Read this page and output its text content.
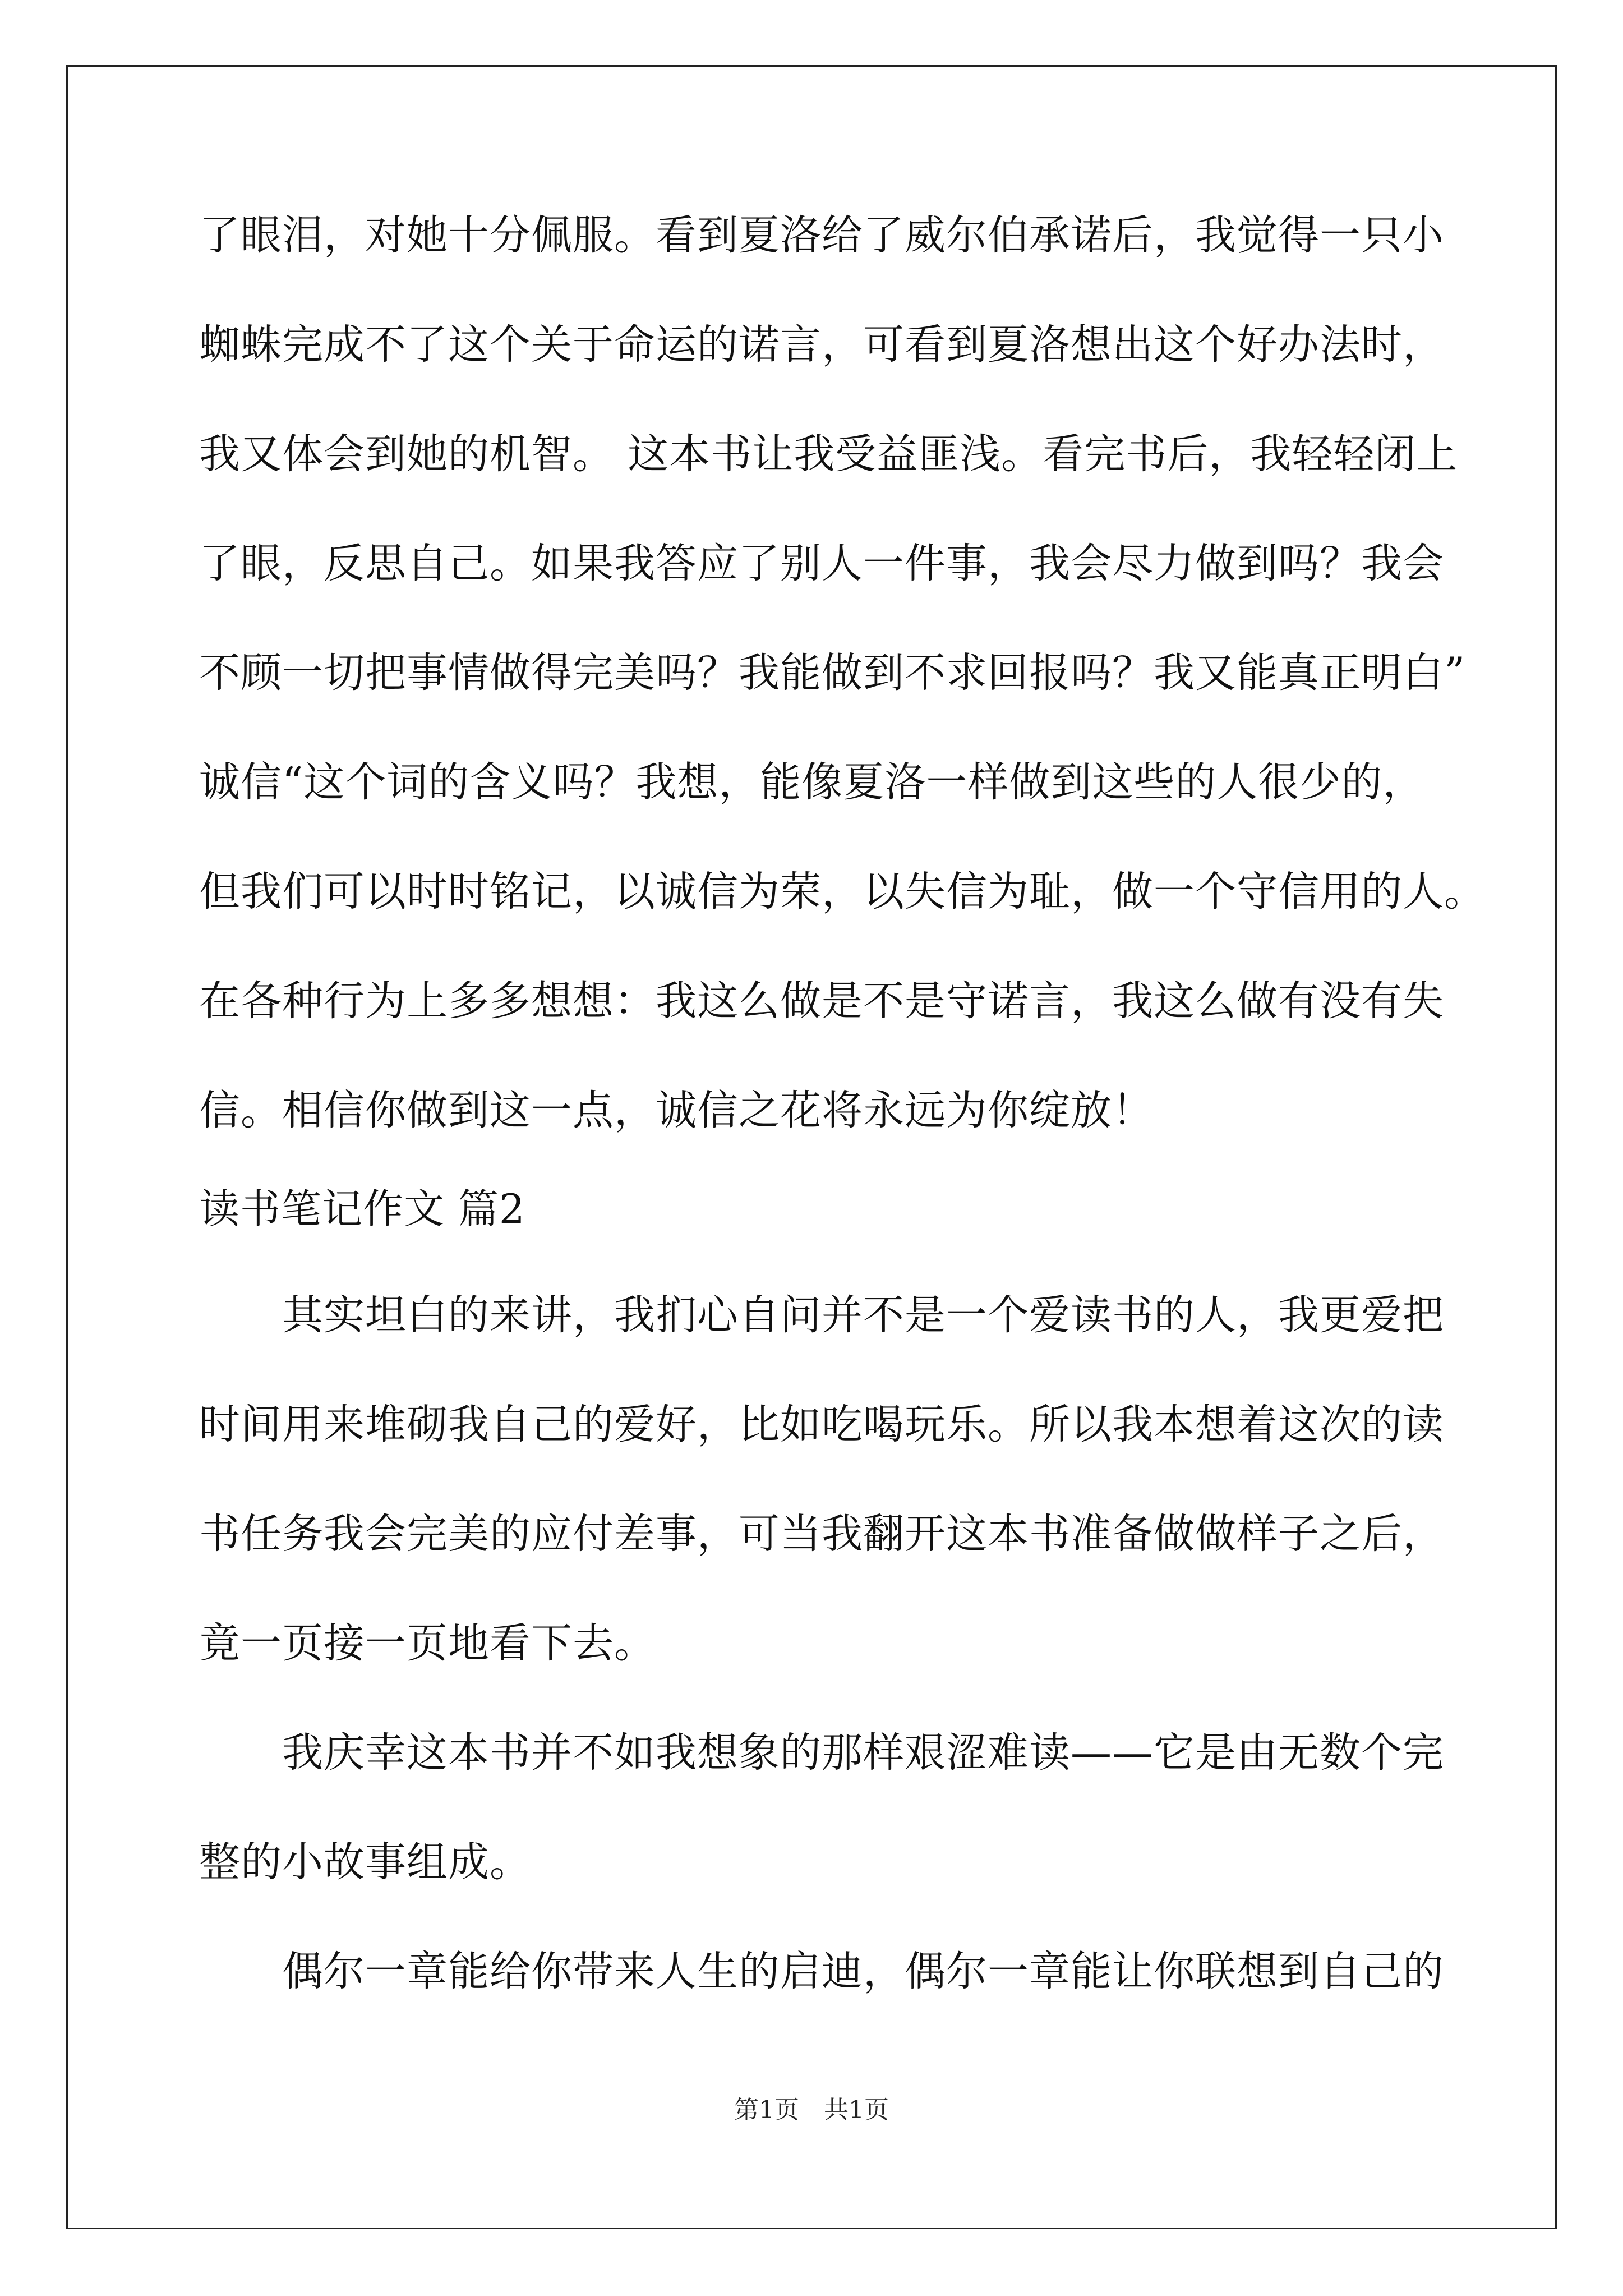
了眼泪，对她十分佩服。看到夏洛给了威尔伯承诺后，我觉得一只小
蜘蛛完成不了这个关于命运的诺言，可看到夏洛想出这个好办法时，
我又体会到她的机智。 这本书让我受益匪浅。看完书后，我轻轻闭上
了眼，反思自己。如果我答应了别人一件事，我会尽力做到吗？我会
不顾一切把事情做得完美吗？我能做到不求回报吗？我又能真正明白”
诚信“这个词的含义吗？我想，能像夏洛一样做到这些的人很少的，
但我们可以时时铭记，以诚信为荣，以失信为耻，做一个守信用的人。
在各种行为上多多想想：我这么做是不是守诺言，我这么做有没有失
信。相信你做到这一点，诚信之花将永远为你绽放！
读书笔记作文 篇2
其实坦白的来讲，我扪心自问并不是一个爱读书的人，我更爱把
时间用来堆砌我自己的爱好，比如吃喝玩乐。所以我本想着这次的读
书任务我会完美的应付差事，可当我翻开这本书准备做做样子之后，
竟一页接一页地看下去。
我庆幸这本书并不如我想象的那样艰涩难读——它是由无数个完
整的小故事组成。
偶尔一章能给你带来人生的启迪，偶尔一章能让你联想到自己的
第1页　共1页
